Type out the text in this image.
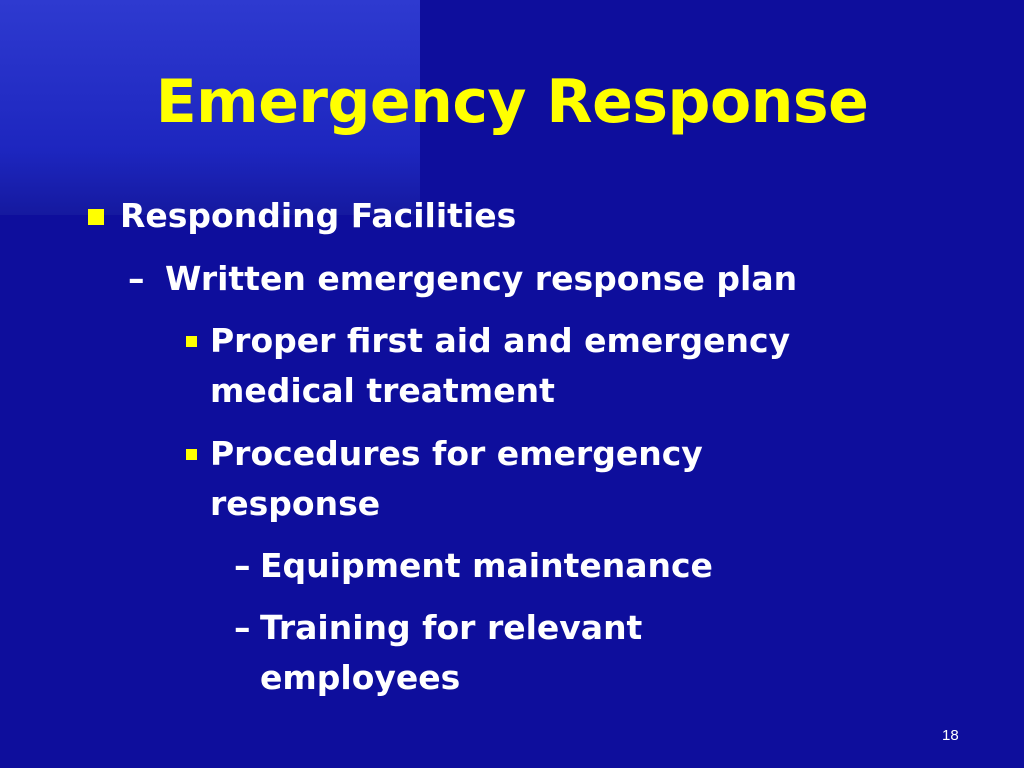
Emergency Response
Responding Facilities
– Written emergency response plan
Proper first aid and emergency
medical treatment
Procedures for emergency
response
– Equipment maintenance
– Training for relevant
employees
18
